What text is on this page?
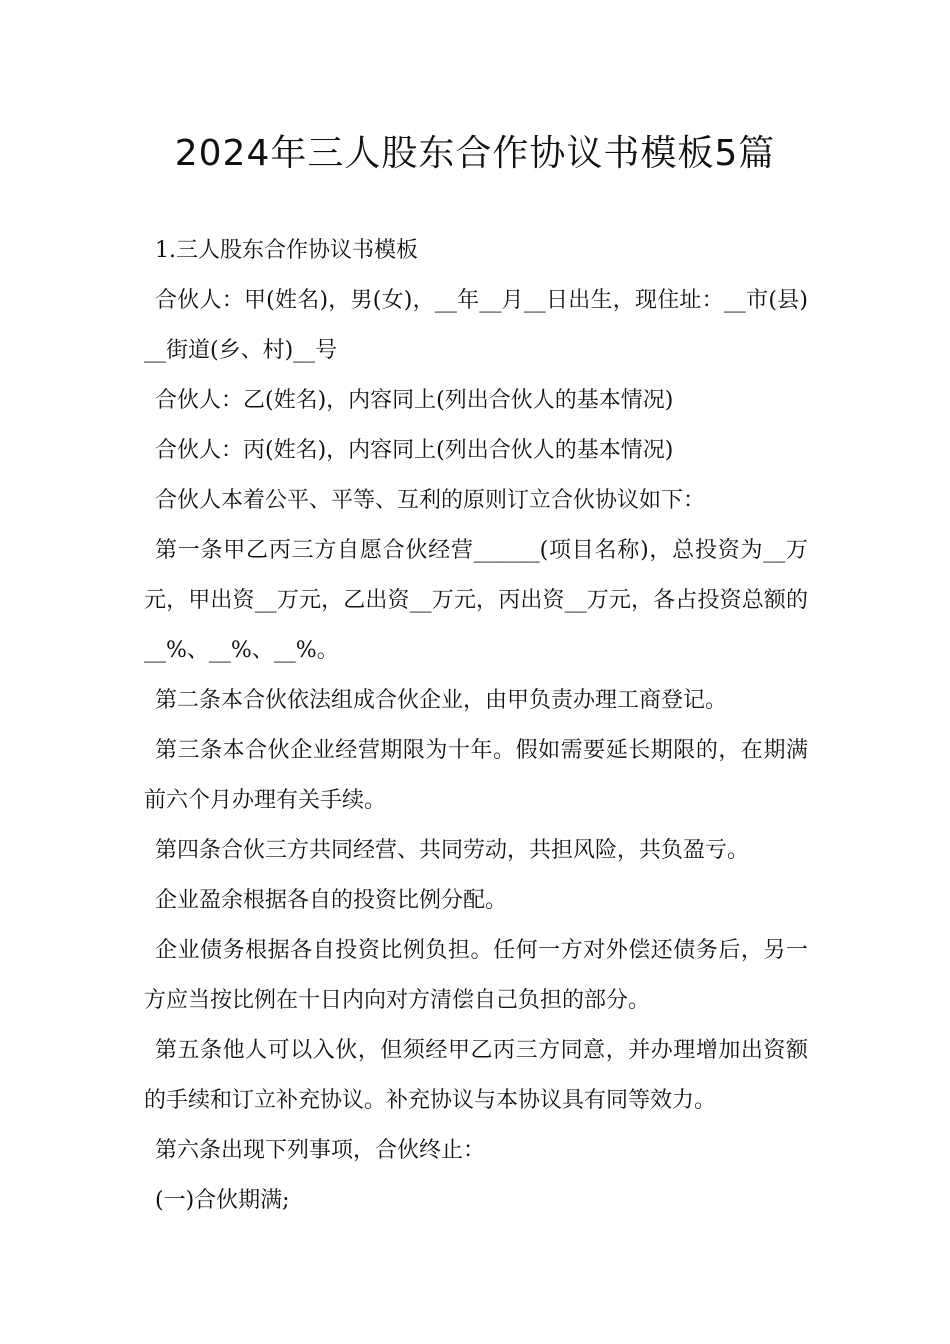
2024年三人股东合作协议书模板5篇

1.三人股东合作协议书模板

合伙人：甲(姓名)，男(女)，__年__月__日出生，现住址：__市(县)__街道(乡、村)__号

合伙人：乙(姓名)，内容同上(列出合伙人的基本情况)

合伙人：丙(姓名)，内容同上(列出合伙人的基本情况)

合伙人本着公平、平等、互利的原则订立合伙协议如下：

第一条甲乙丙三方自愿合伙经营______(项目名称)，总投资为__万元，甲出资__万元，乙出资__万元，丙出资__万元，各占投资总额的__%、__%、__%。

第二条本合伙依法组成合伙企业，由甲负责办理工商登记。

第三条本合伙企业经营期限为十年。假如需要延长期限的，在期满前六个月办理有关手续。

第四条合伙三方共同经营、共同劳动，共担风险，共负盈亏。

企业盈余根据各自的投资比例分配。

企业债务根据各自投资比例负担。任何一方对外偿还债务后，另一方应当按比例在十日内向对方清偿自己负担的部分。

第五条他人可以入伙，但须经甲乙丙三方同意，并办理增加出资额的手续和订立补充协议。补充协议与本协议具有同等效力。

第六条出现下列事项，合伙终止：

(一)合伙期满;
